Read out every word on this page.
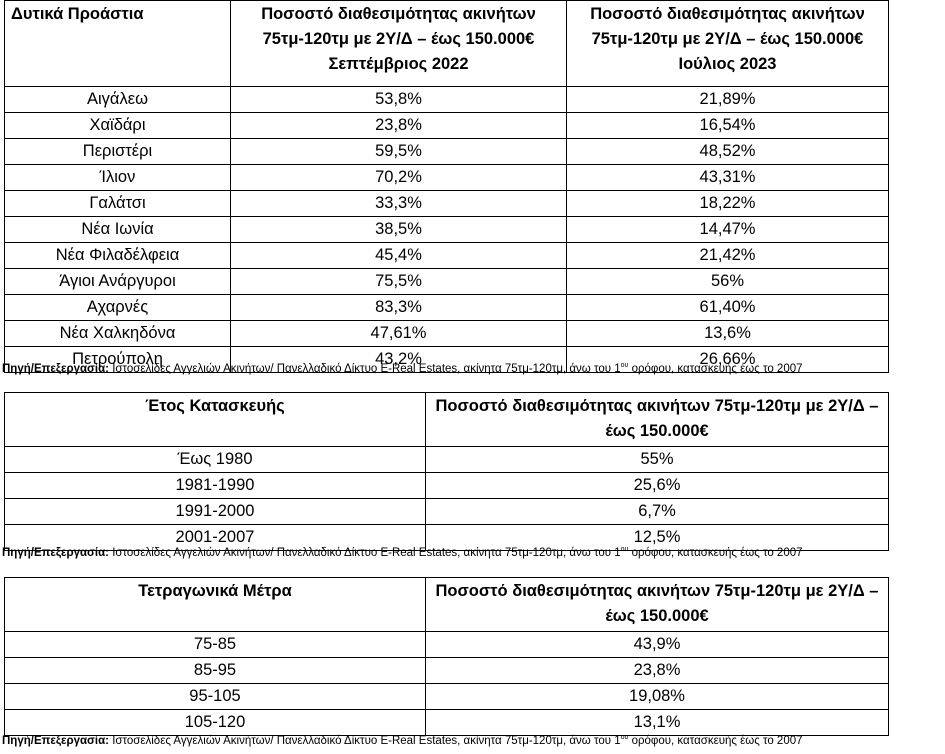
Δυτικά Προάστια	Ποσοστό διαθεσιμότητας ακινήτων 75τμ-120τμ με 2Υ/Δ – έως 150.000€ Σεπτέμβριος 2022	Ποσοστό διαθεσιμότητας ακινήτων 75τμ-120τμ με 2Υ/Δ – έως 150.000€ Ιούλιος 2023
Αιγάλεω	53,8%	21,89%
Χαϊδάρι	23,8%	16,54%
Περιστέρι	59,5%	48,52%
Ίλιον	70,2%	43,31%
Γαλάτσι	33,3%	18,22%
Νέα Ιωνία	38,5%	14,47%
Νέα Φιλαδέλφεια	45,4%	21,42%
Άγιοι Ανάργυροι	75,5%	56%
Αχαρνές	83,3%	61,40%
Νέα Χαλκηδόνα	47,61%	13,6%
Πετρούπολη	43,2%	26,66%
Πηγή/Επεξεργασία: Ιστοσελίδες Αγγελιών Ακινήτων/ Πανελλαδικό Δίκτυο E-Real Estates, ακίνητα 75τμ-120τμ, άνω του $1^{o\upsilon}$ ορόφου, κατασκευής έως το 2007
Έτος Κατασκευής	Ποσοστό διαθεσιμότητας ακινήτων 75τμ-120τμ με 2Υ/Δ – έως 150.000€
Έως 1980	55%
1981-1990	25,6%
1991-2000	6,7%
2001-2007	12,5%
Πηγή/Επεξεργασία: Ιστοσελίδες Αγγελιών Ακινήτων/ Πανελλαδικό Δίκτυο E-Real Estates, ακίνητα 75τμ-120τμ, άνω του $1^{o\upsilon}$ ορόφου, κατασκευής έως το 2007
Τετραγωνικά Μέτρα	Ποσοστό διαθεσιμότητας ακινήτων 75τμ-120τμ με 2Υ/Δ – έως 150.000€
75-85	43,9%
85-95	23,8%
95-105	19,08%
105-120	13,1%
Πηγή/Επεξεργασία: Ιστοσελίδες Αγγελιών Ακινήτων/ Πανελλαδικό Δίκτυο E-Real Estates, ακίνητα 75τμ-120τμ, άνω του $1^{o\upsilon}$ ορόφου, κατασκευής έως το 2007
